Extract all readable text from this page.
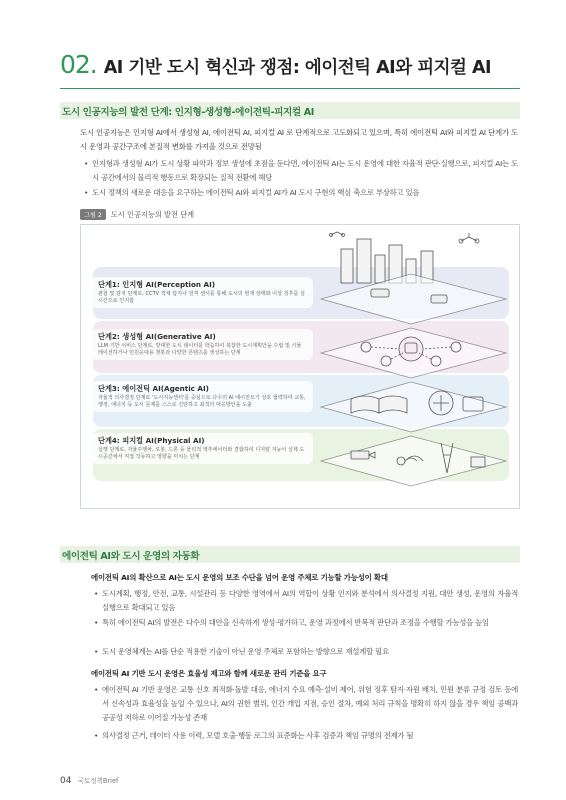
02. AI 기반 도시 혁신과 쟁점: 에이전틱 AI와 피지컬 AI
도시 인공지능의 발전 단계: 인지형-생성형-에이전틱-피지컬 AI
도시 인공지능은 인지형 AI에서 생성형 AI, 에이전틱 AI, 피지컬 AI 로 단계적으로 고도화되고 있으며, 특히 에이전틱 AI와 피지컬 AI 단계가 도시 운영과 공간구조에 본질적 변화를 가져올 것으로 전망됨
• 인지형과 생성형 AI가 도시 상황 파악과 정보 생성에 초점을 둔다면, 에이전틱 AI는 도시 운영에 대한 자율적 판단·실행으로, 피지컬 AI는 도시 공간에서의 물리적 행동으로 확장되는 질적 전환에 해당
• 도시 정책의 새로운 대응을 요구하는 에이전틱 AI와 피지컬 AI가 AI 도시 구현의 핵심 축으로 부상하고 있음
그림 2	도시 인공지능의 발전 단계
단계1: 인지형 AI(Perception AI)
관찰 및 감지 단계로, CCTV 객체 탐지나 원격 센서를 통해 도시의 현재 상태와 이상 징후를 실시간으로 인지함
단계2: 생성형 AI(Generative AI)
LLM 기반 서비스 단계로, 방대한 도시 데이터를 학습하여 복잡한 도시계획안을 수립 및 시뮬레이션하거나 민원응대용 챗봇과 다양한 콘텐츠를 생성하는 단계
단계3: 에이전틱 AI(Agentic AI)
자율적 의사결정 단계로 '도시지능센터'를 중심으로 다수의 AI 에이전트가 상호 협력하여 교통, 행정, 에너지 등 도시 문제를 스스로 진단하고 최적의 대응방안을 도출
단계4: 피지컬 AI(Physical AI)
실행 단계로, 자율주행차, 로봇, 드론 등 물리적 액추에이터와 결합하여 디지털 지능이 실제 도시공간에서 직접 작동하고 영향을 미치는 단계
에이전틱 AI와 도시 운영의 자동화
에이전틱 AI의 확산으로 AI는 도시 운영의 보조 수단을 넘어 운영 주체로 기능할 가능성이 확대
• 도시계획, 행정, 안전, 교통, 시설관리 등 다양한 영역에서 AI의 역할이 상황 인지와 분석에서 의사결정 지원, 대안 생성, 운영의 자율적 실행으로 확대되고 있음
• 특히 에이전틱 AI의 발전은 다수의 대안을 신속하게 생성·평가하고, 운영 과정에서 반복적 판단과 조정을 수행할 가능성을 높임
• 도시 운영체계는 AI를 단순 적용한 기술이 아닌 운영 주체로 포함하는 방향으로 재설계할 필요
에이전틱 AI 기반 도시 운영은 효율성 제고와 함께 새로운 관리 기준을 요구
• 에이전틱 AI 기반 운영은 교통 신호 최적화·돌발 대응, 에너지 수요 예측·설비 제어, 위험 징후 탐지·자원 배치, 민원 분류 규정 검토 등에서 신속성과 효율성을 높일 수 있으나, AI의 권한 범위, 인간 개입 지점, 승인 절차, 예외 처리 규칙을 명확히 하지 않을 경우 책임 공백과 공공성 저하로 이어질 가능성 존재
• 의사결정 근거, 데이터 사용 이력, 모델 호출·행동 로그의 표준화는 사후 검증과 책임 규명의 전제가 됨
04 국토정책Brief
